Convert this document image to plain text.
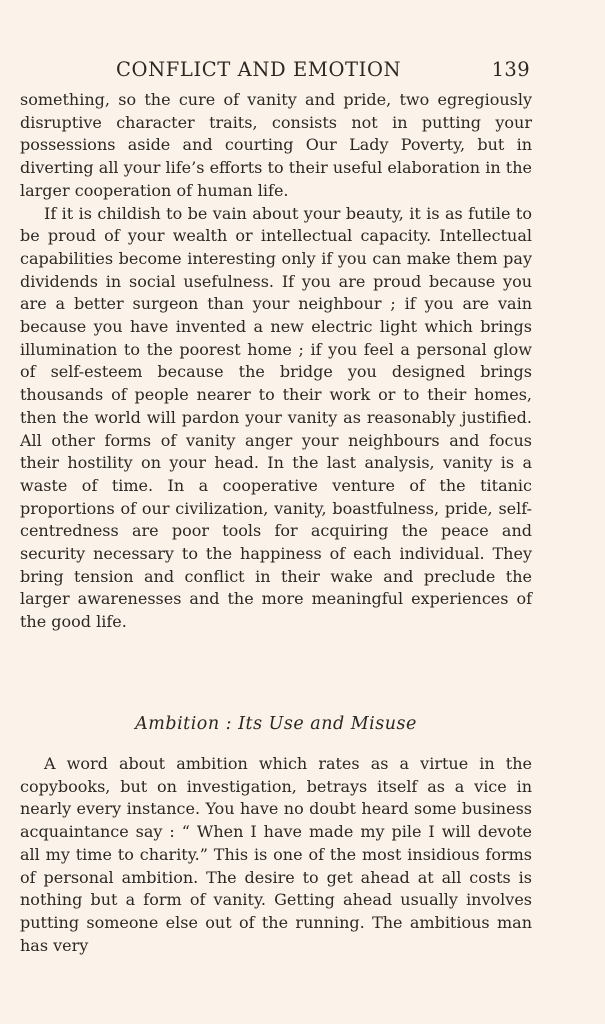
CONFLICT AND EMOTION	139

something, so the cure of vanity and pride, two egregiously disruptive character traits, consists not in putting your possessions aside and courting Our Lady Poverty, but in diverting all your life’s efforts to their useful elaboration in the larger cooperation of human life.

If it is childish to be vain about your beauty, it is as futile to be proud of your wealth or intellectual capacity. Intellectual capabilities become interesting only if you can make them pay dividends in social usefulness. If you are proud because you are a better surgeon than your neighbour ; if you are vain because you have invented a new electric light which brings illumination to the poorest home ; if you feel a personal glow of self-esteem because the bridge you designed brings thousands of people nearer to their work or to their homes, then the world will pardon your vanity as reasonably justified. All other forms of vanity anger your neighbours and focus their hostility on your head. In the last analysis, vanity is a waste of time. In a cooperative venture of the titanic proportions of our civilization, vanity, boastfulness, pride, self-centredness are poor tools for acquiring the peace and security necessary to the happiness of each individual. They bring tension and conflict in their wake and preclude the larger awarenesses and the more meaningful experiences of the good life.

Ambition : Its Use and Misuse

A word about ambition which rates as a virtue in the copybooks, but on investigation, betrays itself as a vice in nearly every instance. You have no doubt heard some business acquaintance say : “ When I have made my pile I will devote all my time to charity.” This is one of the most insidious forms of personal ambition. The desire to get ahead at all costs is nothing but a form of vanity. Getting ahead usually involves putting someone else out of the running. The ambitious man has very
